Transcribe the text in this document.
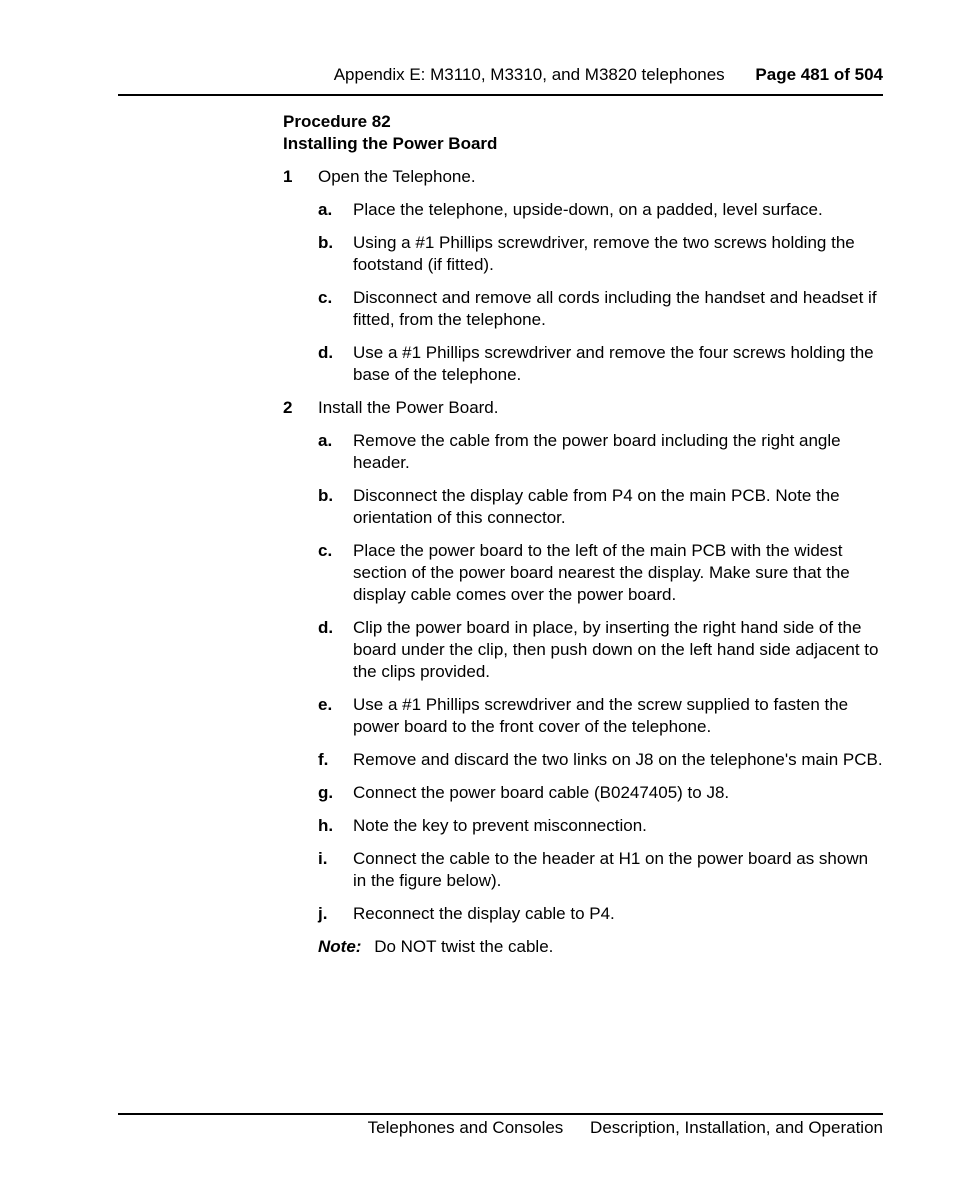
Appendix E: M3110, M3310, and M3820 telephones Page 481 of 504
Procedure 82
Installing the Power Board
1 Open the Telephone.
a. Place the telephone, upside-down, on a padded, level surface.
b. Using a #1 Phillips screwdriver, remove the two screws holding the footstand (if fitted).
c. Disconnect and remove all cords including the handset and headset if fitted, from the telephone.
d. Use a #1 Phillips screwdriver and remove the four screws holding the base of the telephone.
2 Install the Power Board.
a. Remove the cable from the power board including the right angle header.
b. Disconnect the display cable from P4 on the main PCB. Note the orientation of this connector.
c. Place the power board to the left of the main PCB with the widest section of the power board nearest the display. Make sure that the display cable comes over the power board.
d. Clip the power board in place, by inserting the right hand side of the board under the clip, then push down on the left hand side adjacent to the clips provided.
e. Use a #1 Phillips screwdriver and the screw supplied to fasten the power board to the front cover of the telephone.
f. Remove and discard the two links on J8 on the telephone's main PCB.
g. Connect the power board cable (B0247405) to J8.
h. Note the key to prevent misconnection.
i. Connect the cable to the header at H1 on the power board as shown in the figure below).
j. Reconnect the display cable to P4.
Note: Do NOT twist the cable.
Telephones and Consoles Description, Installation, and Operation
